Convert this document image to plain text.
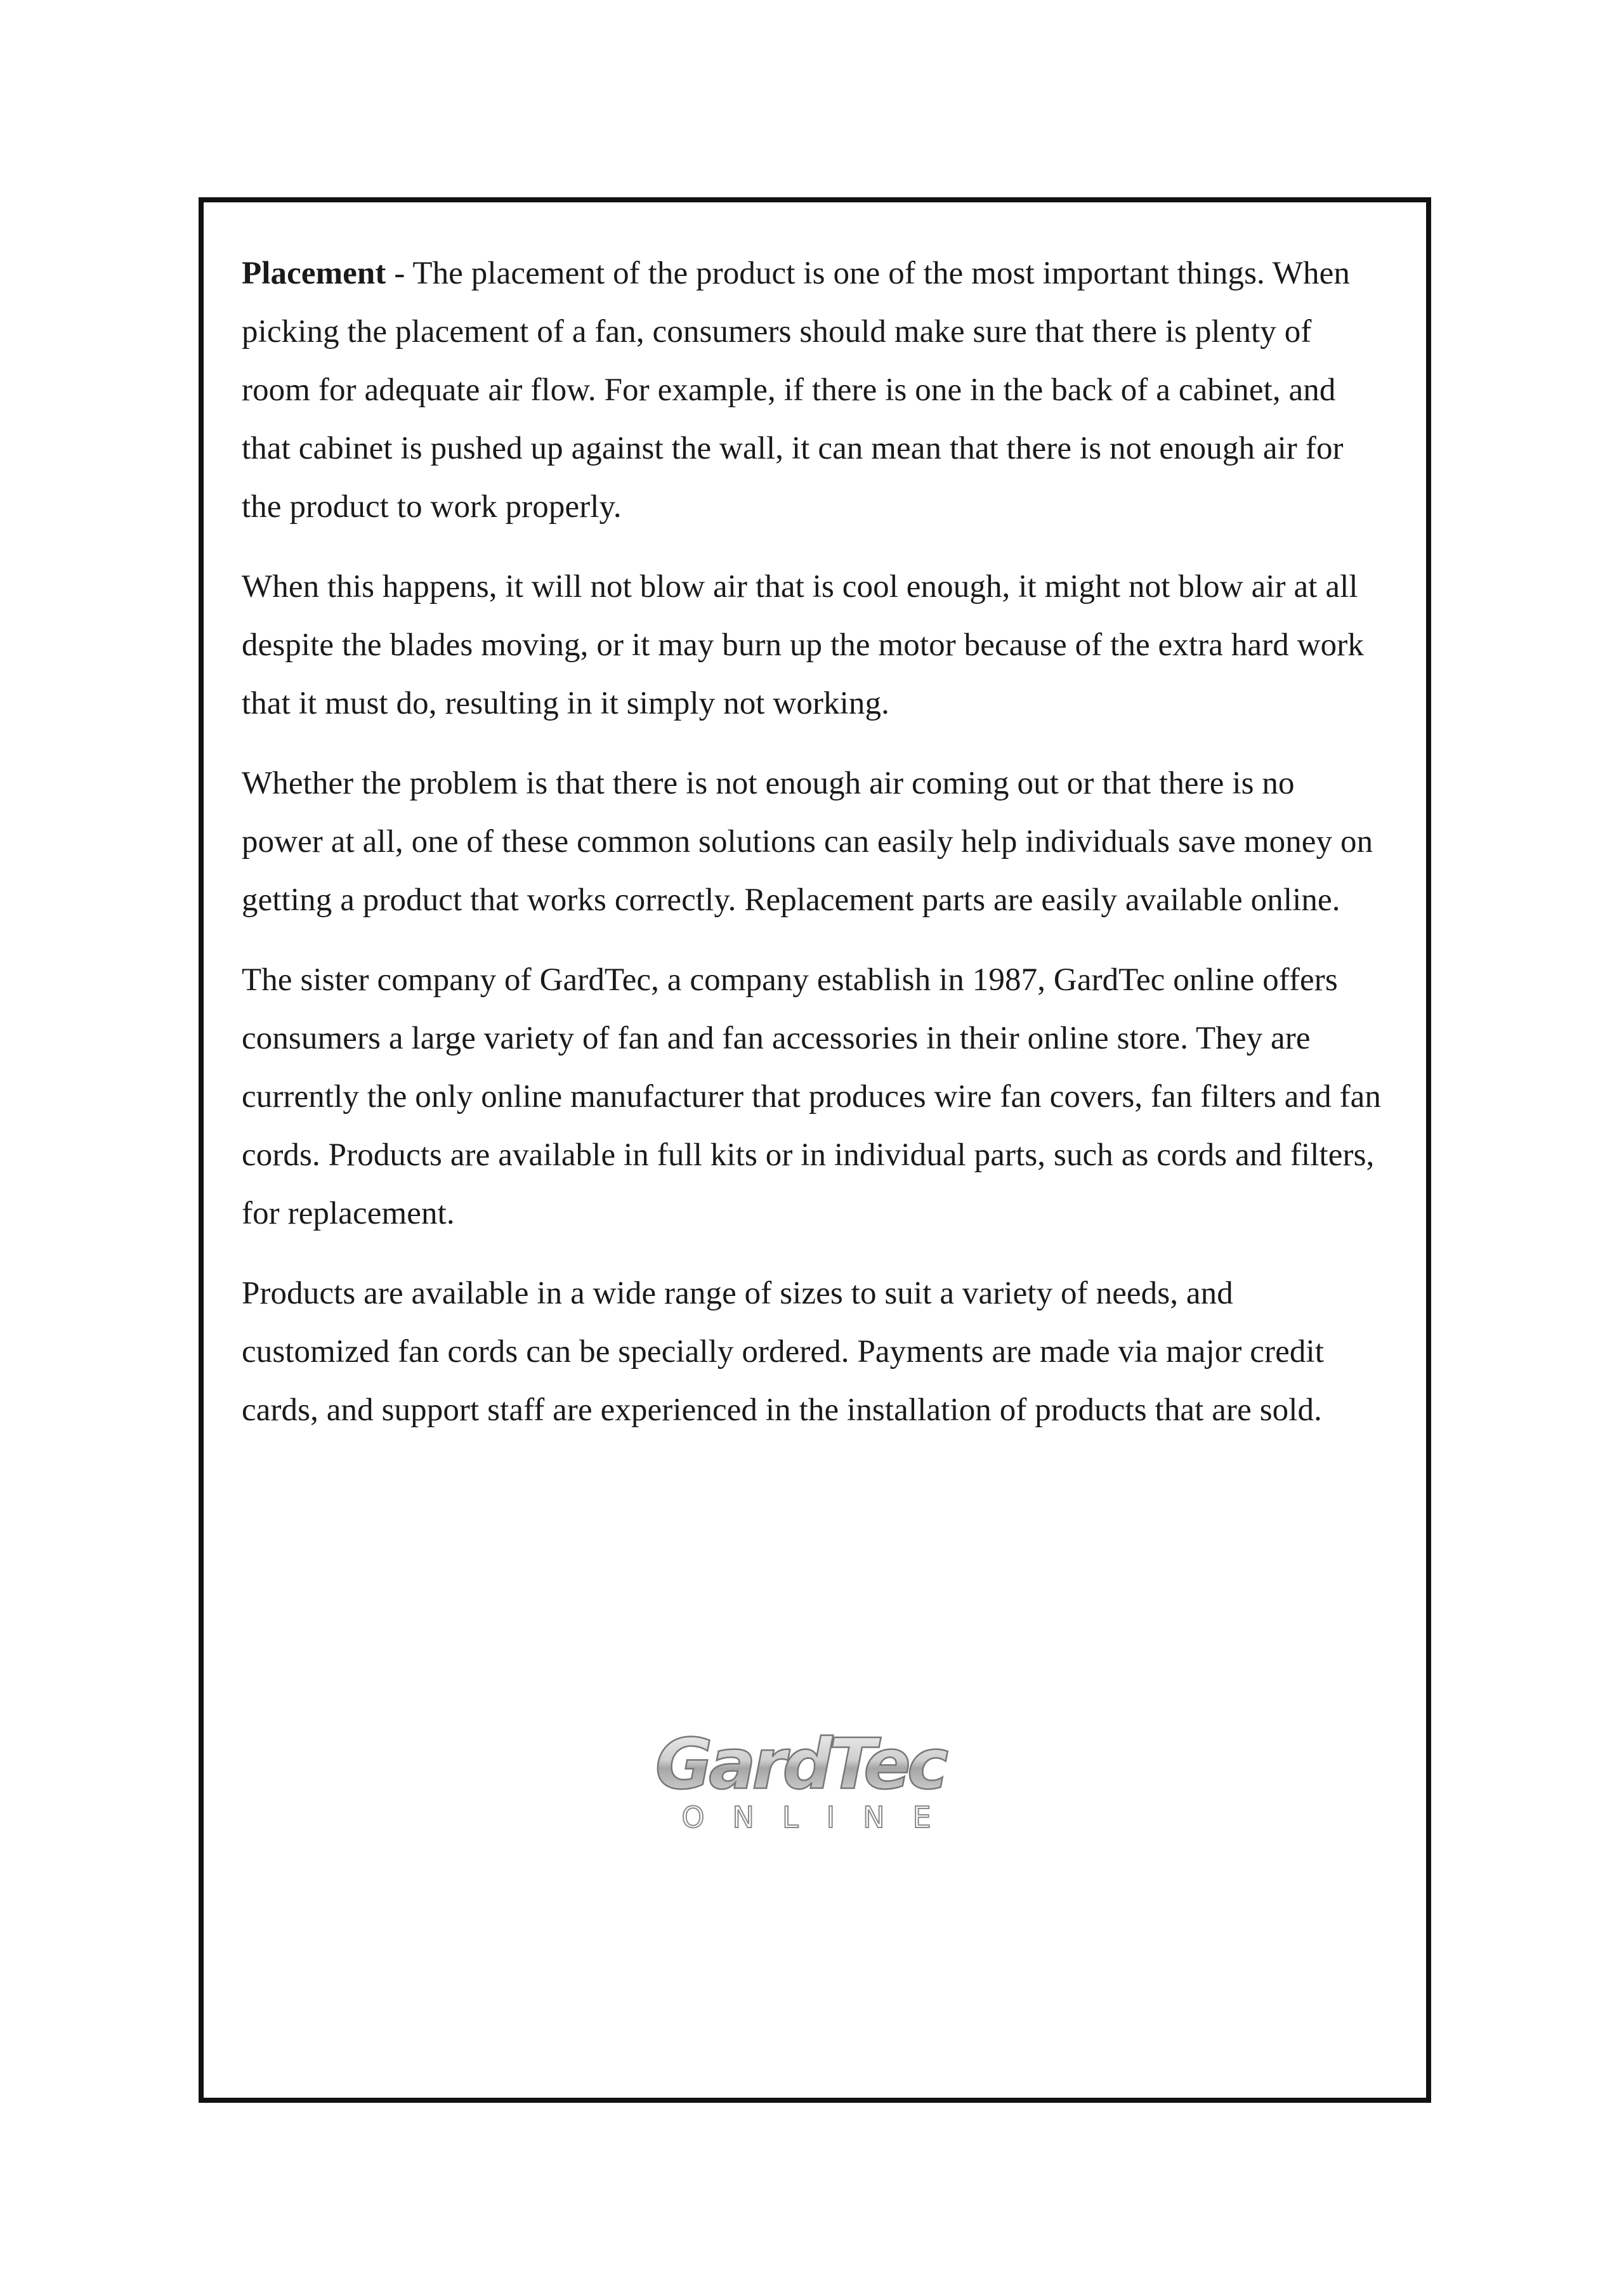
Placement - The placement of the product is one of the most important things. When picking the placement of a fan, consumers should make sure that there is plenty of room for adequate air flow. For example, if there is one in the back of a cabinet, and that cabinet is pushed up against the wall, it can mean that there is not enough air for the product to work properly.

When this happens, it will not blow air that is cool enough, it might not blow air at all despite the blades moving, or it may burn up the motor because of the extra hard work that it must do, resulting in it simply not working.

Whether the problem is that there is not enough air coming out or that there is no power at all, one of these common solutions can easily help individuals save money on getting a product that works correctly. Replacement parts are easily available online.

The sister company of GardTec, a company establish in 1987, GardTec online offers consumers a large variety of fan and fan accessories in their online store. They are currently the only online manufacturer that produces wire fan covers, fan filters and fan cords. Products are available in full kits or in individual parts, such as cords and filters, for replacement.

Products are available in a wide range of sizes to suit a variety of needs, and customized fan cords can be specially ordered. Payments are made via major credit cards, and support staff are experienced in the installation of products that are sold.

GardTec
ONLINE
